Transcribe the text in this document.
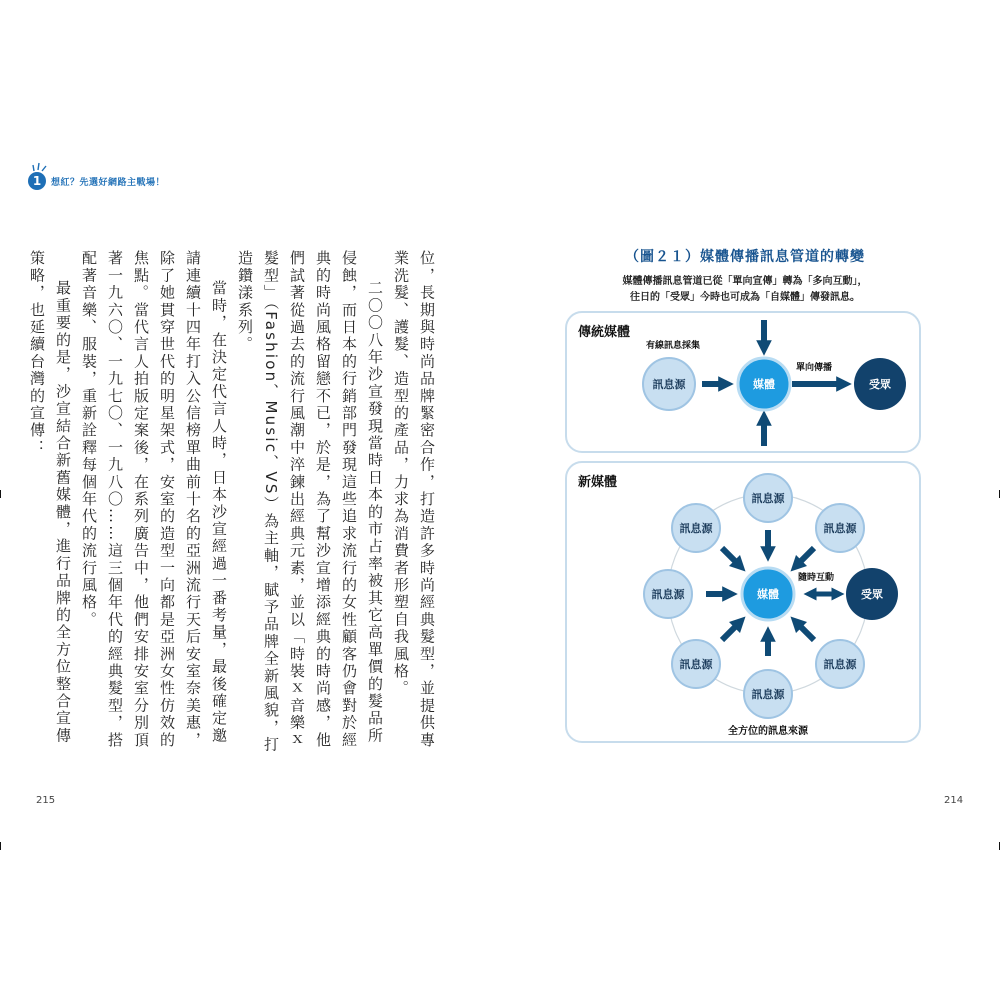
1 想紅？先選好網路主戰場！

位，長期與時尚品牌緊密合作，打造許多時尚經典髮型，並提供專業洗髮、護髮、造型的產品，力求為消費者形塑自我風格。

二〇〇八年沙宣發現當時日本的市占率被其它高單價的髮品所侵蝕，而日本的行銷部門發現這些追求流行的女性顧客仍會對於經典的時尚風格留戀不已，於是，為了幫沙宣增添經典的時尚感，他們試著從過去的流行風潮中淬鍊出經典元素，並以「時裝ｘ音樂ｘ髮型」（Fashion、Music、VS）為主軸，賦予品牌全新風貌，打造鑽漾系列。

當時，在決定代言人時，日本沙宣經過一番考量，最後確定邀請連續十四年打入公信榜單曲前十名的亞洲流行天后安室奈美惠，除了她貫穿世代的明星架式，安室的造型一向都是亞洲女性仿效的焦點。當代言人拍版定案後，在系列廣告中，他們安排安室分別頂著一九六〇、一九七〇、一九八〇……這三個年代的經典髮型，搭配著音樂、服裝，重新詮釋每個年代的流行風格。

最重要的是，沙宣結合新舊媒體，進行品牌的全方位整合宣傳策略，也延續台灣的宣傳：

215	214
（圖２１）媒體傳播訊息管道的轉變
媒體傳播訊息管道已從「單向宣傳」轉為「多向互動」，
往日的「受眾」今時也可成為「自媒體」傳發訊息。
傳統媒體
有線訊息採集
單向傳播
訊息源	媒體	受眾
新媒體
隨時互動
訊息源
訊息源	訊息源
訊息源
訊息源	訊息源
訊息源
媒體	受眾
全方位的訊息來源
